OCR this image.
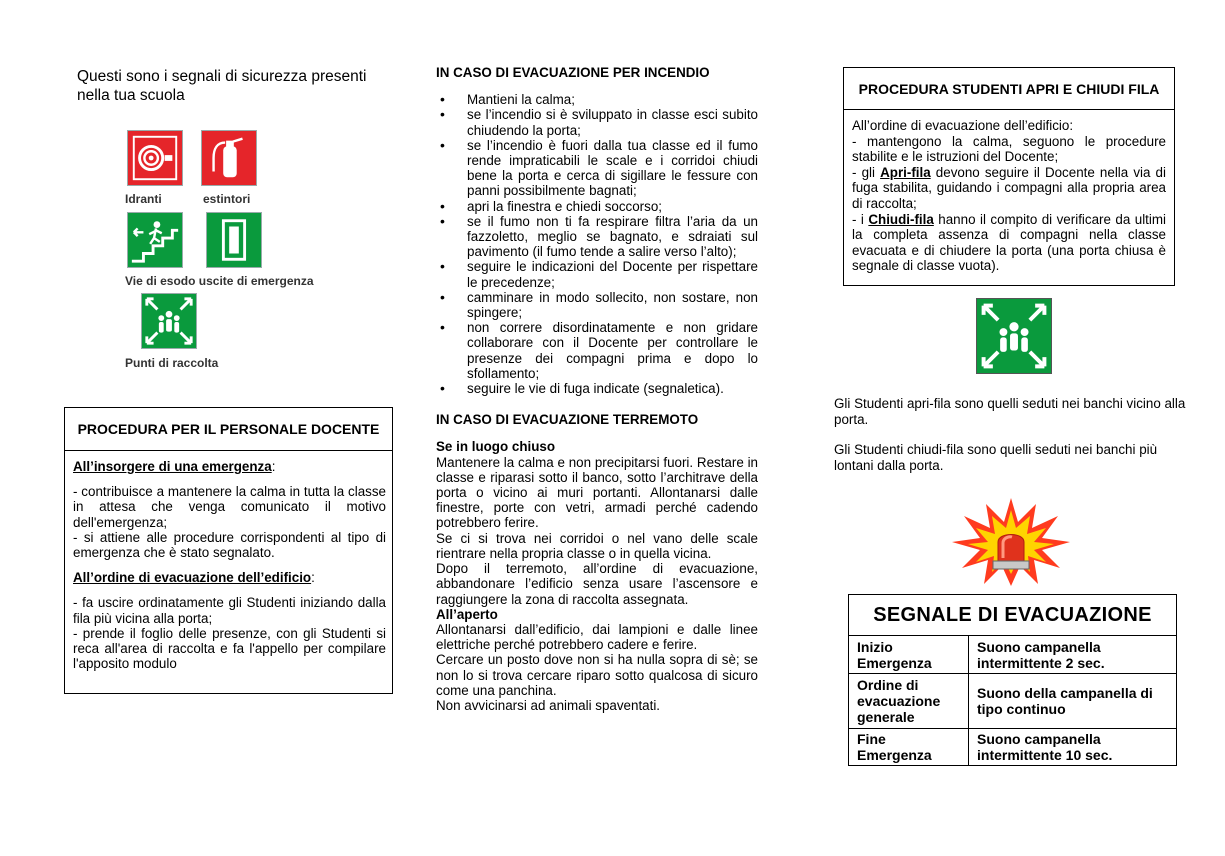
Questi sono i segnali di sicurezza presenti nella tua scuola
Idranti	estintori
Vie di esodo uscite di emergenza
Punti di raccolta
PROCEDURA PER IL PERSONALE DOCENTE
All’insorgere di una emergenza:
- contribuisce a mantenere la calma in tutta la classe in attesa che venga comunicato il motivo dell'emergenza;
- si attiene alle procedure corrispondenti al tipo di emergenza che è stato segnalato.
All’ordine di evacuazione dell’edificio:
- fa uscire ordinatamente gli Studenti iniziando dalla fila più vicina alla porta;
- prende il foglio delle presenze, con gli Studenti si reca all'area di raccolta e fa l'appello per compilare l'apposito modulo
IN CASO DI EVACUAZIONE PER INCENDIO
• Mantieni la calma;
• se l’incendio si è sviluppato in classe esci subito chiudendo la porta;
• se l’incendio è fuori dalla tua classe ed il fumo rende impraticabili le scale e i corridoi chiudi bene la porta e cerca di sigillare le fessure con panni possibilmente bagnati;
• apri la finestra e chiedi soccorso;
• se il fumo non ti fa respirare filtra l’aria da un fazzoletto, meglio se bagnato, e sdraiati sul pavimento (il fumo tende a salire verso l’alto);
• seguire le indicazioni del Docente per rispettare le precedenze;
• camminare in modo sollecito, non sostare, non spingere;
• non correre disordinatamente e non gridare collaborare con il Docente per controllare le presenze dei compagni prima e dopo lo sfollamento;
• seguire le vie di fuga indicate (segnaletica).
IN CASO DI EVACUAZIONE TERREMOTO
Se in luogo chiuso
Mantenere la calma e non precipitarsi fuori. Restare in classe e riparasi sotto il banco, sotto l’architrave della porta o vicino ai muri portanti. Allontanarsi dalle finestre, porte con vetri, armadi perché cadendo potrebbero ferire.
Se ci si trova nei corridoi o nel vano delle scale rientrare nella propria classe o in quella vicina.
Dopo il terremoto, all’ordine di evacuazione, abbandonare l’edificio senza usare l’ascensore e raggiungere la zona di raccolta assegnata.
All’aperto
Allontanarsi dall’edificio, dai lampioni e dalle linee elettriche perché potrebbero cadere e ferire.
Cercare un posto dove non si ha nulla sopra di sè; se non lo si trova cercare riparo sotto qualcosa di sicuro come una panchina.
Non avvicinarsi ad animali spaventati.
PROCEDURA STUDENTI APRI E CHIUDI FILA
All’ordine di evacuazione dell’edificio:
- mantengono la calma, seguono le procedure stabilite e le istruzioni del Docente;
- gli Apri-fila devono seguire il Docente nella via di fuga stabilita, guidando i compagni alla propria area di raccolta;
- i Chiudi-fila hanno il compito di verificare da ultimi la completa assenza di compagni nella classe evacuata e di chiudere la porta (una porta chiusa è segnale di classe vuota).
Gli Studenti apri-fila sono quelli seduti nei banchi vicino alla porta.
Gli Studenti chiudi-fila sono quelli seduti nei banchi più lontani dalla porta.
SEGNALE DI EVACUAZIONE
Inizio Emergenza	Suono campanella intermittente 2 sec.
Ordine di evacuazione generale	Suono della campanella di tipo continuo
Fine Emergenza	Suono campanella intermittente 10 sec.
